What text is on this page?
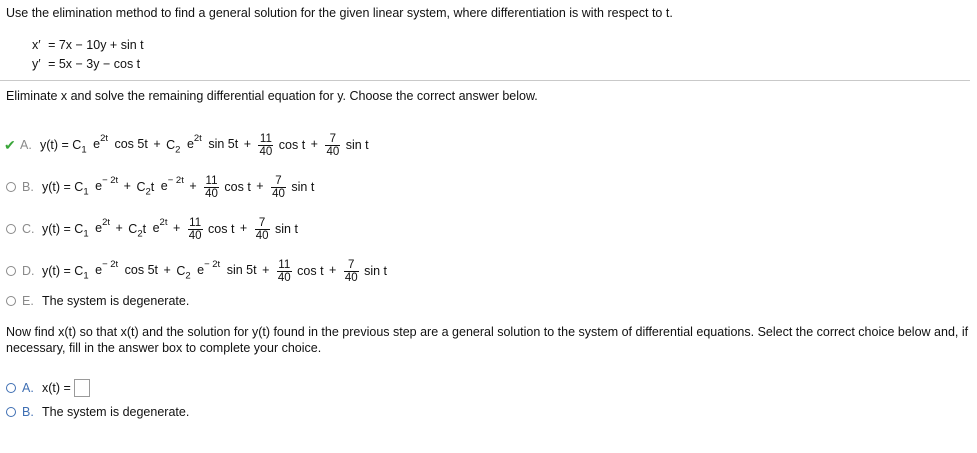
Use the elimination method to find a general solution for the given linear system, where differentiation is with respect to t.
x′ = 7x − 10y + sin t
y′ = 5x − 3y − cos t
Eliminate x and solve the remaining differential equation for y. Choose the correct answer below.
✔ A. $y(t) = C_1$ $e^{2t}$ $\cos 5t + C_2$ $e^{2t}$ $\sin 5t + \frac{11}{40}$ $\cos t + \frac{7}{40}$ sin t
B. $y(t) = C_1$ $e^{- 2t} + C_2t$ $e^{- 2t} + \frac{11}{40}$ $\cos t + \frac{7}{40}$ sin t
C. $y(t) = C_1$ $e^{2t} + C_2t$ $e^{2t} + \frac{11}{40}$ $\cos t + \frac{7}{40}$ sin t
D. $y(t) = C_1$ $e^{- 2t}$ $\cos 5t + C_2$ $e^{- 2t}$ $\sin 5t + \frac{11}{40}$ $\cos t + \frac{7}{40}$ sin t
E. The system is degenerate.
Now find x(t) so that x(t) and the solution for y(t) found in the previous step are a general solution to the system of differential equations. Select the correct choice below and, if necessary, fill in the answer box to complete your choice.
A. x(t) =
B. The system is degenerate.
